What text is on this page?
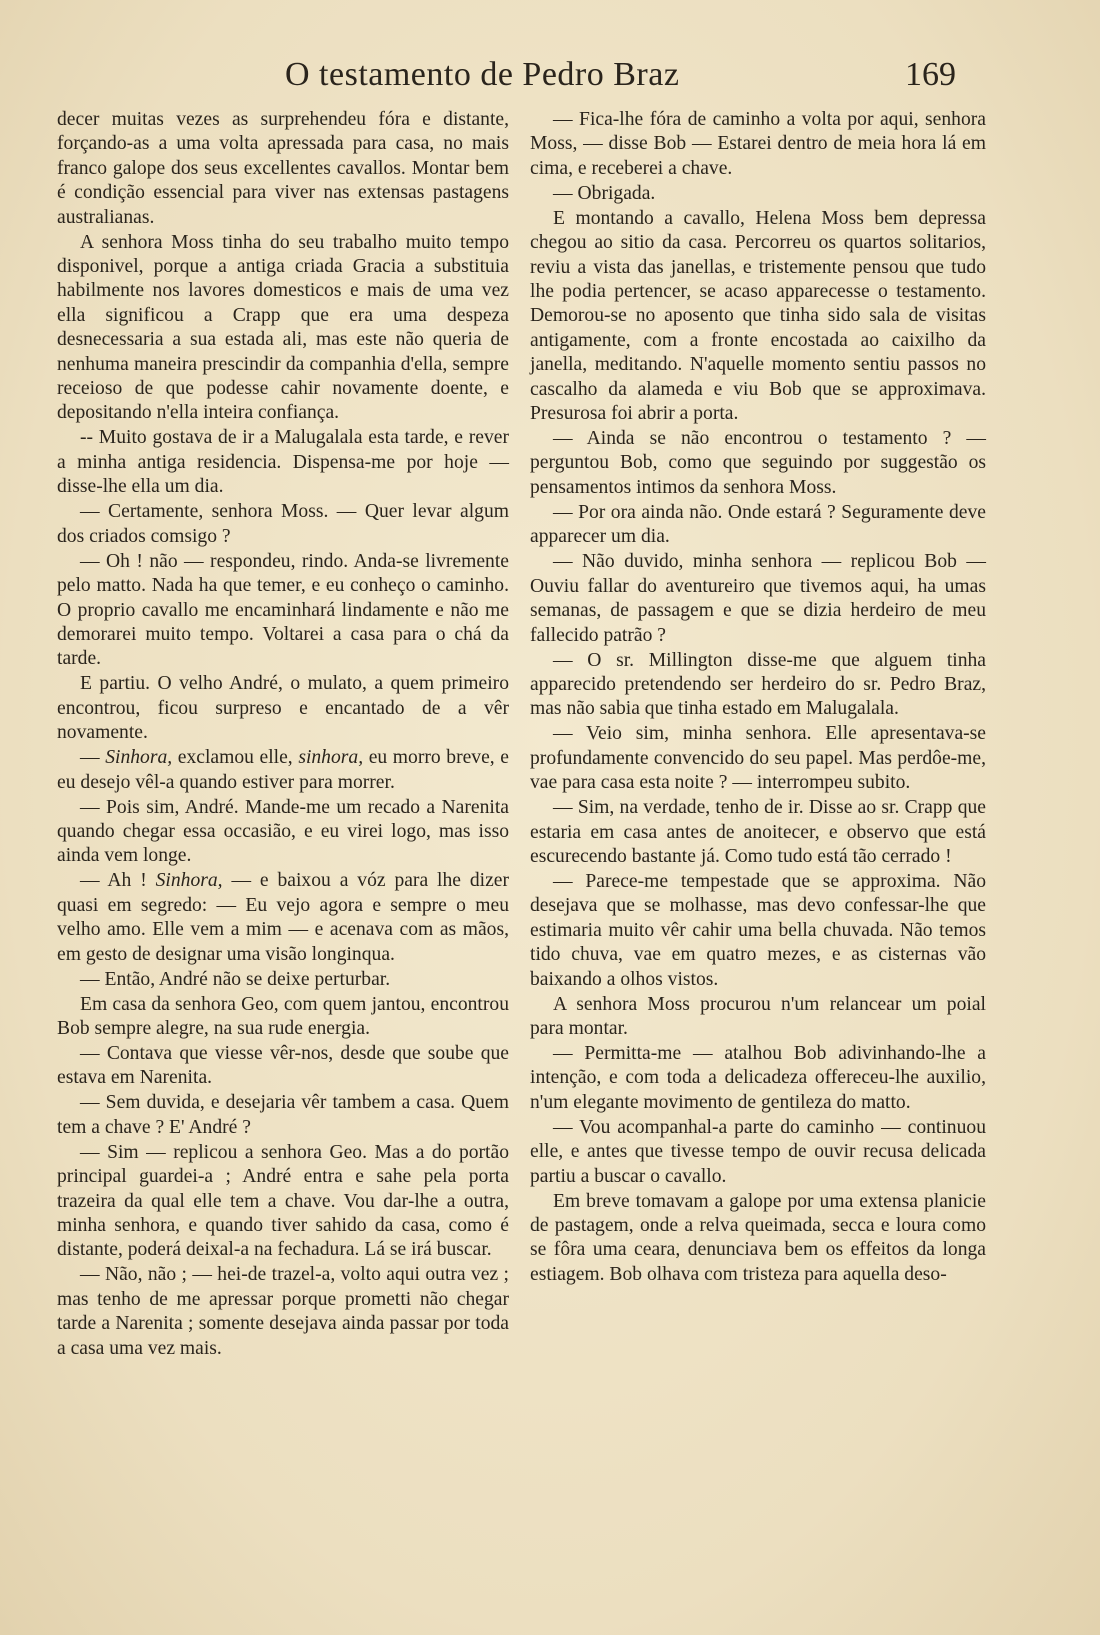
O testamento de Pedro Braz	169

decer muitas vezes as surprehendeu fóra e distante, forçando-as a uma volta apressada para casa, no mais franco galope dos seus excellentes cavallos. Montar bem é condição essencial para viver nas extensas pastagens australianas.

A senhora Moss tinha do seu trabalho muito tempo disponivel, porque a antiga criada Gracia a substituia habilmente nos lavores domesticos e mais de uma vez ella significou a Crapp que era uma despeza desnecessaria a sua estada ali, mas este não queria de nenhuma maneira prescindir da companhia d'ella, sempre receioso de que podesse cahir novamente doente, e depositando n'ella inteira confiança.

-- Muito gostava de ir a Malugalala esta tarde, e rever a minha antiga residencia. Dispensa-me por hoje — disse-lhe ella um dia.

— Certamente, senhora Moss. — Quer levar algum dos criados comsigo ?

— Oh ! não — respondeu, rindo. Anda-se livremente pelo matto. Nada ha que temer, e eu conheço o caminho. O proprio cavallo me encaminhará lindamente e não me demorarei muito tempo. Voltarei a casa para o chá da tarde.

E partiu. O velho André, o mulato, a quem primeiro encontrou, ficou surpreso e encantado de a vêr novamente.

— Sinhora, exclamou elle, sinhora, eu morro breve, e eu desejo vêl-a quando estiver para morrer.

— Pois sim, André. Mande-me um recado a Narenita quando chegar essa occasião, e eu virei logo, mas isso ainda vem longe.

— Ah ! Sinhora, — e baixou a vóz para lhe dizer quasi em segredo: — Eu vejo agora e sempre o meu velho amo. Elle vem a mim — e acenava com as mãos, em gesto de designar uma visão longinqua.

— Então, André não se deixe perturbar.

Em casa da senhora Geo, com quem jantou, encontrou Bob sempre alegre, na sua rude energia.

— Contava que viesse vêr-nos, desde que soube que estava em Narenita.

— Sem duvida, e desejaria vêr tambem a casa. Quem tem a chave ? E' André ?

— Sim — replicou a senhora Geo. Mas a do portão principal guardei-a ; André entra e sahe pela porta trazeira da qual elle tem a chave. Vou dar-lhe a outra, minha senhora, e quando tiver sahido da casa, como é distante, poderá deixal-a na fechadura. Lá se irá buscar.

— Não, não ; — hei-de trazel-a, volto aqui outra vez ; mas tenho de me apressar porque prometti não chegar tarde a Narenita ; somente desejava ainda passar por toda a casa uma vez mais.

— Fica-lhe fóra de caminho a volta por aqui, senhora Moss, — disse Bob — Estarei dentro de meia hora lá em cima, e receberei a chave.

— Obrigada.

E montando a cavallo, Helena Moss bem depressa chegou ao sitio da casa. Percorreu os quartos solitarios, reviu a vista das janellas, e tristemente pensou que tudo lhe podia pertencer, se acaso apparecesse o testamento. Demorou-se no aposento que tinha sido sala de visitas antigamente, com a fronte encostada ao caixilho da janella, meditando. N'aquelle momento sentiu passos no cascalho da alameda e viu Bob que se approximava. Presurosa foi abrir a porta.

— Ainda se não encontrou o testamento ? — perguntou Bob, como que seguindo por suggestão os pensamentos intimos da senhora Moss.

— Por ora ainda não. Onde estará ? Seguramente deve apparecer um dia.

— Não duvido, minha senhora — replicou Bob — Ouviu fallar do aventureiro que tivemos aqui, ha umas semanas, de passagem e que se dizia herdeiro de meu fallecido patrão ?

— O sr. Millington disse-me que alguem tinha apparecido pretendendo ser herdeiro do sr. Pedro Braz, mas não sabia que tinha estado em Malugalala.

— Veio sim, minha senhora. Elle apresentava-se profundamente convencido do seu papel. Mas perdôe-me, vae para casa esta noite ? — interrompeu subito.

— Sim, na verdade, tenho de ir. Disse ao sr. Crapp que estaria em casa antes de anoitecer, e observo que está escurecendo bastante já. Como tudo está tão cerrado !

— Parece-me tempestade que se approxima. Não desejava que se molhasse, mas devo confessar-lhe que estimaria muito vêr cahir uma bella chuvada. Não temos tido chuva, vae em quatro mezes, e as cisternas vão baixando a olhos vistos.

A senhora Moss procurou n'um relancear um poial para montar.

— Permitta-me — atalhou Bob adivinhando-lhe a intenção, e com toda a delicadeza offereceu-lhe auxilio, n'um elegante movimento de gentileza do matto.

— Vou acompanhal-a parte do caminho — continuou elle, e antes que tivesse tempo de ouvir recusa delicada partiu a buscar o cavallo.

Em breve tomavam a galope por uma extensa planicie de pastagem, onde a relva queimada, secca e loura como se fôra uma ceara, denunciava bem os effeitos da longa estiagem. Bob olhava com tristeza para aquella deso-
